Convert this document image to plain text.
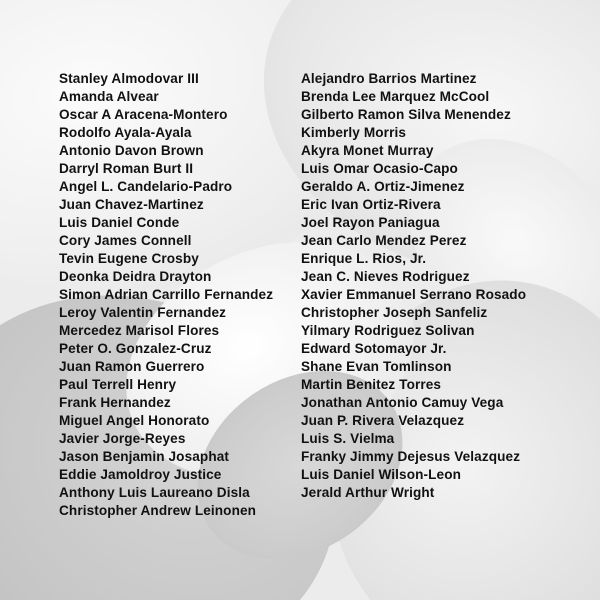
Stanley Almodovar III
Amanda Alvear
Oscar A Aracena-Montero
Rodolfo Ayala-Ayala
Antonio Davon Brown
Darryl Roman Burt II
Angel L. Candelario-Padro
Juan Chavez-Martinez
Luis Daniel Conde
Cory James Connell
Tevin Eugene Crosby
Deonka Deidra Drayton
Simon Adrian Carrillo Fernandez
Leroy Valentin Fernandez
Mercedez Marisol Flores
Peter O. Gonzalez-Cruz
Juan Ramon Guerrero
Paul Terrell Henry
Frank Hernandez
Miguel Angel Honorato
Javier Jorge-Reyes
Jason Benjamin Josaphat
Eddie Jamoldroy Justice
Anthony Luis Laureano Disla
Christopher Andrew Leinonen
Alejandro Barrios Martinez
Brenda Lee Marquez McCool
Gilberto Ramon Silva Menendez
Kimberly Morris
Akyra Monet Murray
Luis Omar Ocasio-Capo
Geraldo A. Ortiz-Jimenez
Eric Ivan Ortiz-Rivera
Joel Rayon Paniagua
Jean Carlo Mendez Perez
Enrique L. Rios, Jr.
Jean C. Nieves Rodriguez
Xavier Emmanuel Serrano Rosado
Christopher Joseph Sanfeliz
Yilmary Rodriguez Solivan
Edward Sotomayor Jr.
Shane Evan Tomlinson
Martin Benitez Torres
Jonathan Antonio Camuy Vega
Juan P. Rivera Velazquez
Luis S. Vielma
Franky Jimmy Dejesus Velazquez
Luis Daniel Wilson-Leon
Jerald Arthur Wright
